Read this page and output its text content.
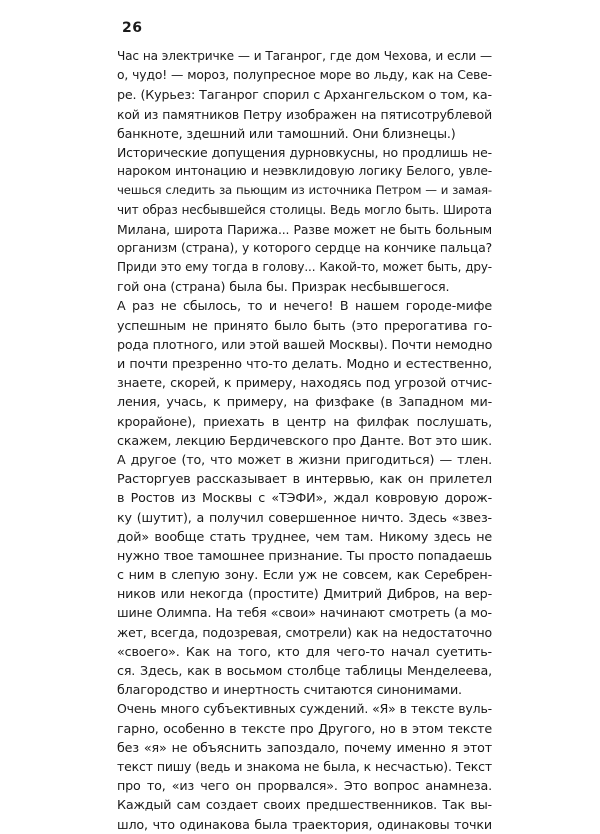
26
Час на электричке — и Таганрог, где дом Чехова, и если —
о, чудо! — мороз, полупресное море во льду, как на Севе-
ре. (Курьез: Таганрог спорил с Архангельском о том, ка-
кой из памятников Петру изображен на пятисотрублевой
банкноте, здешний или тамошний. Они близнецы.)
Исторические допущения дурновкусны, но продлишь не-
нароком интонацию и неэвклидовую логику Белого, увле-
чешься следить за пьющим из источника Петром — и замая-
чит образ несбывшейся столицы. Ведь могло быть. Широта
Милана, широта Парижа... Разве может не быть больным
организм (страна), у которого сердце на кончике пальца?
Приди это ему тогда в голову... Какой-то, может быть, дру-
гой она (страна) была бы. Призрак несбывшегося.
А раз не сбылось, то и нечего! В нашем городе-мифе
успешным не принято было быть (это прерогатива го-
рода плотного, или этой вашей Москвы). Почти немодно
и почти презренно что-то делать. Модно и естественно,
знаете, скорей, к примеру, находясь под угрозой отчис-
ления, учась, к примеру, на физфаке (в Западном ми-
крорайоне), приехать в центр на филфак послушать,
скажем, лекцию Бердичевского про Данте. Вот это шик.
А другое (то, что может в жизни пригодиться) — тлен.
Расторгуев рассказывает в интервью, как он прилетел
в Ростов из Москвы с «ТЭФИ», ждал ковровую дорож-
ку (шутит), а получил совершенное ничто. Здесь «звез-
дой» вообще стать труднее, чем там. Никому здесь не
нужно твое тамошнее признание. Ты просто попадаешь
с ним в слепую зону. Если уж не совсем, как Серебрен-
ников или некогда (простите) Дмитрий Дибров, на вер-
шине Олимпа. На тебя «свои» начинают смотреть (а мо-
жет, всегда, подозревая, смотрели) как на недостаточно
«своего». Как на того, кто для чего-то начал суетить-
ся. Здесь, как в восьмом столбце таблицы Менделеева,
благородство и инертность считаются синонимами.
Очень много субъективных суждений. «Я» в тексте вуль-
гарно, особенно в тексте про Другого, но в этом тексте
без «я» не объяснить запоздало, почему именно я этот
текст пишу (ведь и знакома не была, к несчастью). Текст
про то, «из чего он прорвался». Это вопрос анамнеза.
Каждый сам создает своих предшественников. Так вы-
шло, что одинакова была траектория, одинаковы точки
